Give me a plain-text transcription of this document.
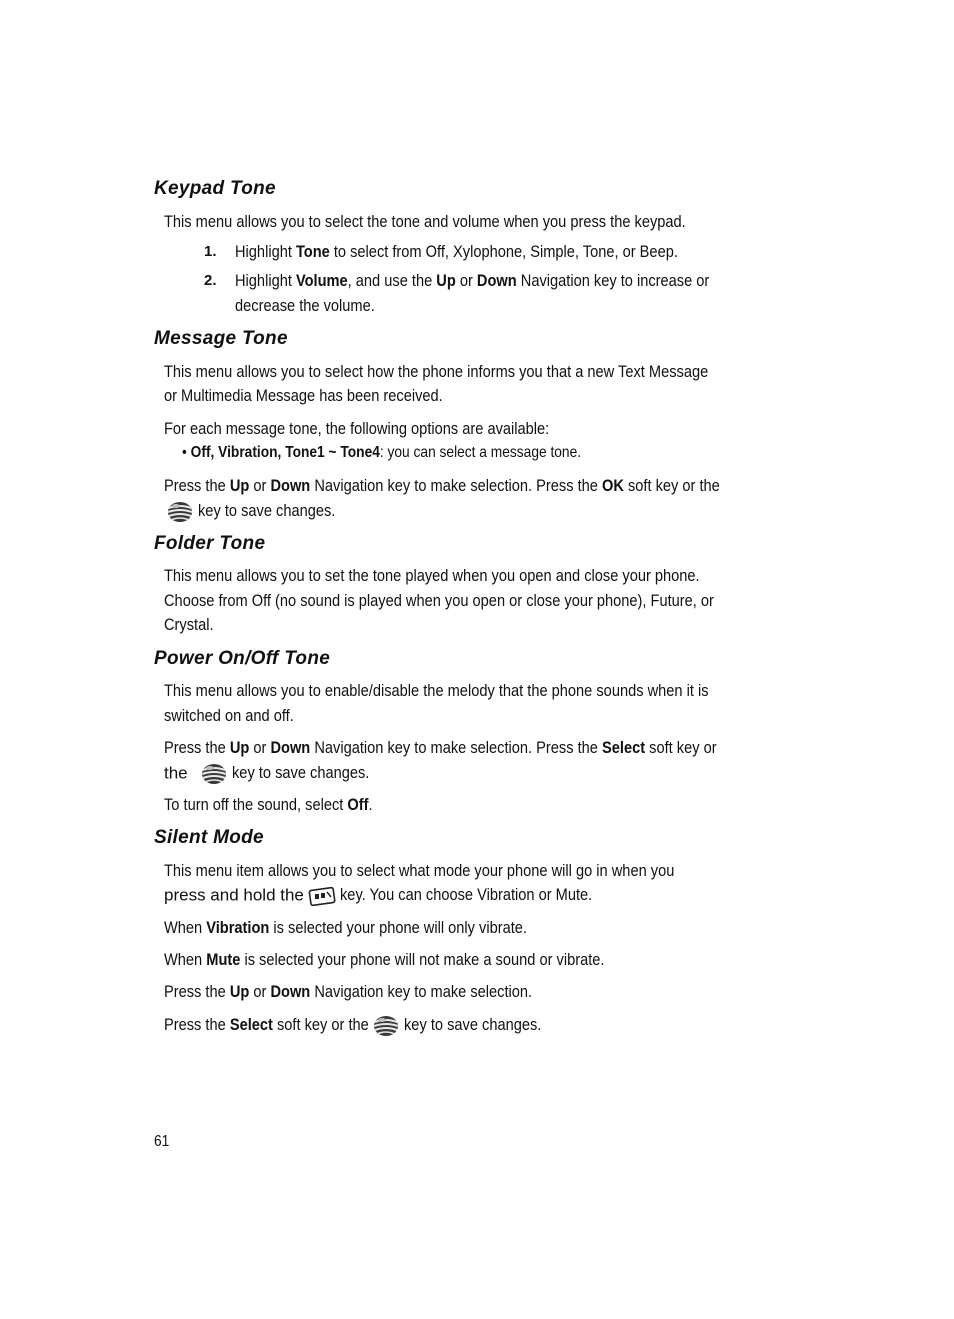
Keypad Tone
This menu allows you to select the tone and volume when you press the keypad.
1. Highlight Tone to select from Off, Xylophone, Simple, Tone, or Beep.
2. Highlight Volume, and use the Up or Down Navigation key to increase or
decrease the volume.
Message Tone
This menu allows you to select how the phone informs you that a new Text Message
or Multimedia Message has been received.
For each message tone, the following options are available:
• Off, Vibration, Tone1 ~ Tone4: you can select a message tone.
Press the Up or Down Navigation key to make selection. Press the OK soft key or the
key to save changes.
Folder Tone
This menu allows you to set the tone played when you open and close your phone.
Choose from Off (no sound is played when you open or close your phone), Future, or
Crystal.
Power On/Off Tone
This menu allows you to enable/disable the melody that the phone sounds when it is
switched on and off.
Press the Up or Down Navigation key to make selection. Press the Select soft key or
the	key to save changes.
To turn off the sound, select Off.
Silent Mode
This menu item allows you to select what mode your phone will go in when you
press and hold the key. You can choose Vibration or Mute.
When Vibration is selected your phone will only vibrate.
When Mute is selected your phone will not make a sound or vibrate.
Press the Up or Down Navigation key to make selection.
Press the Select soft key or the key to save changes.
61
